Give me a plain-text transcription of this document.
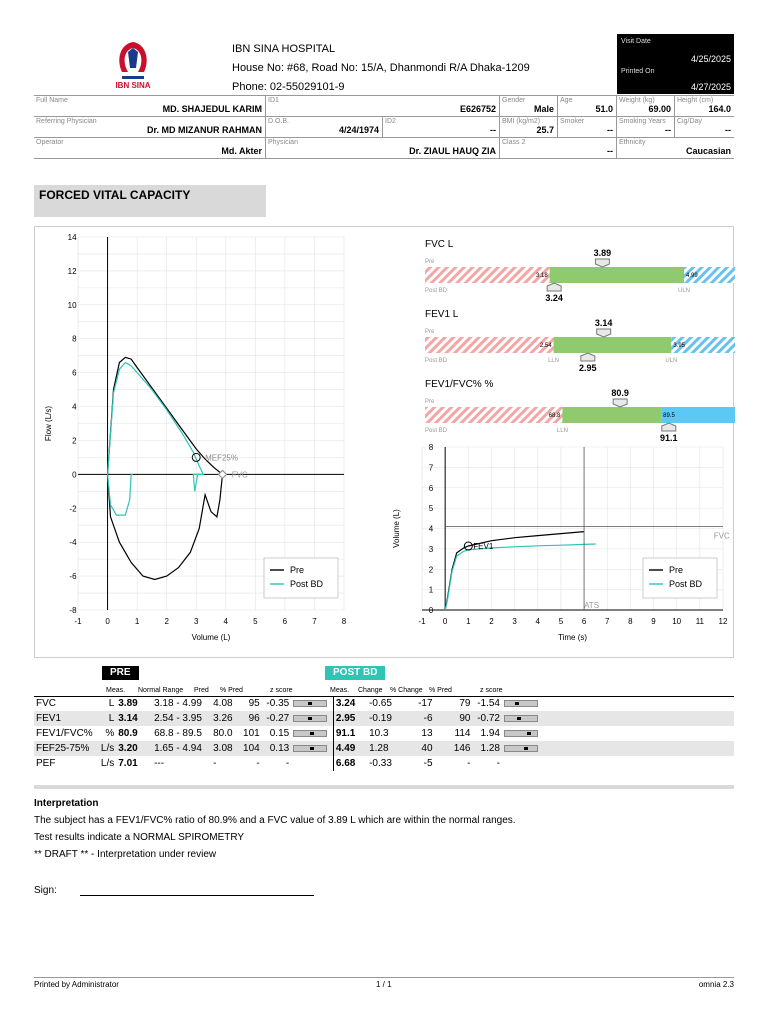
IBN SINA
IBN SINA HOSPITAL
House No: #68, Road No: 15/A, Dhanmondi R/A Dhaka-1209
Phone: 02-55029101-9
Visit Date
4/25/2025
Printed On
4/27/2025
Full Name
MD. SHAJEDUL KARIM
ID1
E626752
Gender
Male
Age
51.0
Weight (kg)
69.00
Height (cm)
164.0
Referring Physician
Dr. MD MIZANUR RAHMAN
D.O.B.
4/24/1974
ID2
--
BMI (kg/m2)
25.7
Smoker
--
Smoking Years
--
Cig/Day
--
Operator
Md. Akter
Physician
Dr. ZIAUL HAUQ ZIA
Class 2
--
Ethnicity
Caucasian
FORCED VITAL CAPACITY
-1	0	1	2	3	4	5	6	7	8
-8
-6
-4
-2
0
2
4
6
8
10
12
14
Volume (L)
Flow (L/s)
Pre
Post BD
MEF25%
FVC
-1 0 1 2 3 4 5 6 7 8 9 10 11 12
0
1
2
3
4
5
6
7
8
Time (s)
Volume (L)
Pre
Post BD
FVC
ATS
FEV1
FVC L
Pre
Post BD
3.18	4.99
ULN
3.89
3.24
FEV1 L
Pre
Post BD
2.54	3.95
LLN	ULN
3.14
2.95
FEV1/FVC% %
Pre
Post BD
68.8	89.5
LLN
80.9
91.1
PRE	POST BD
Meas. Normal Range Pred % Pred	z score	Meas. Change % Change % Pred	z score
FVC	L	3.89	3.18 - 4.99	4.08	95	-0.35		3.24	-0.65	-17	79	-1.54	

FEV1	L	3.14	2.54 - 3.95	3.26	96	-0.27		2.95	-0.19	-6	90	-0.72	

FEV1/FVC%	%	80.9	68.8 - 89.5	80.0	101	0.15		91.1	10.3	13	114	1.94	

FEF25-75%	L/s	3.20	1.65 - 4.94	3.08	104	0.13		4.49	1.28	40	146	1.28	

PEF	L/s	7.01	---	-	-	-		6.68	-0.33	-5	-	-		
Interpretation
The subject has a FEV1/FVC% ratio of 80.9% and a FVC value of 3.89 L which are within the normal ranges.
Test results indicate a NORMAL SPIROMETRY
** DRAFT ** - Interpretation under review
Sign:
Printed by Administrator	1 / 1	omnia 2.3
